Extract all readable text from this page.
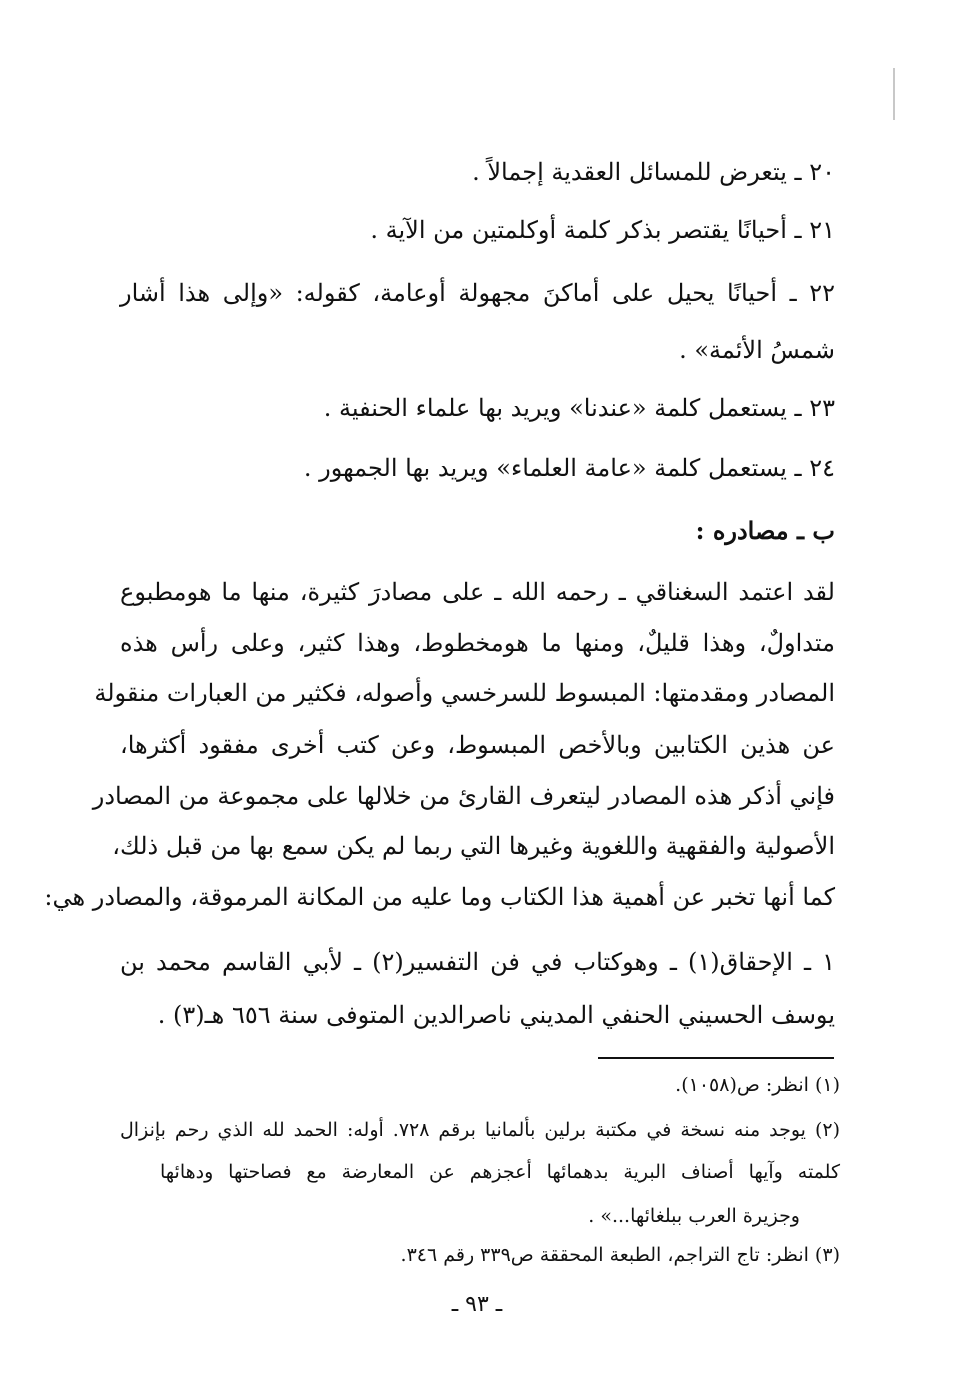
٢٠ ـ يتعرض للمسائل العقدية إجمالاً .
٢١ ـ أحيانًا يقتصر بذكر كلمة أوكلمتين من الآية .
٢٢ ـ أحيانًا يحيل على أماكنَ مجهولة أوعامة، كقوله: «وإلى هذا أشار
شمسُ الأئمة» .
٢٣ ـ يستعمل كلمة «عندنا» ويريد بها علماء الحنفية .
٢٤ ـ يستعمل كلمة «عامة العلماء» ويريد بها الجمهور .
ب ـ مصادره :
لقد اعتمد السغناقي ـ رحمه الله ـ على مصادرَ كثيرة، منها ما هومطبوع
متداولٌ، وهذا قليلٌ، ومنها ما هومخطوط، وهذا كثير، وعلى رأس هذه
المصادر ومقدمتها: المبسوط للسرخسي وأصوله، فكثير من العبارات منقولة
عن هذين الكتابين وبالأخص المبسوط، وعن كتب أخرى مفقود أكثرها،
فإني أذكر هذه المصادر ليتعرف القارئ من خلالها على مجموعة من المصادر
الأصولية والفقهية واللغوية وغيرها التي ربما لم يكن سمع بها من قبل ذلك،
كما أنها تخبر عن أهمية هذا الكتاب وما عليه من المكانة المرموقة، والمصادر هي:
١ ـ الإحقاق(١) ـ وهوكتاب في فن التفسير(٢) ـ لأبي القاسم محمد بن
يوسف الحسيني الحنفي المديني ناصرالدين المتوفى سنة ٦٥٦ هـ(٣) .
(١) انظر: ص(١٠٥٨).
(٢) يوجد منه نسخة في مكتبة برلين بألمانيا برقم ٧٢٨. أوله: الحمد لله الذي رحم بإنزال
كلمته وآيها أصناف البرية بدهمائها أعجزهم عن المعارضة مع فصاحتها ودهائها
وجزيرة العرب ببلغائها...» .
(٣) انظر: تاج التراجم، الطبعة المحققة ص٣٣٩ رقم ٣٤٦.
ـ ٩٣ ـ
